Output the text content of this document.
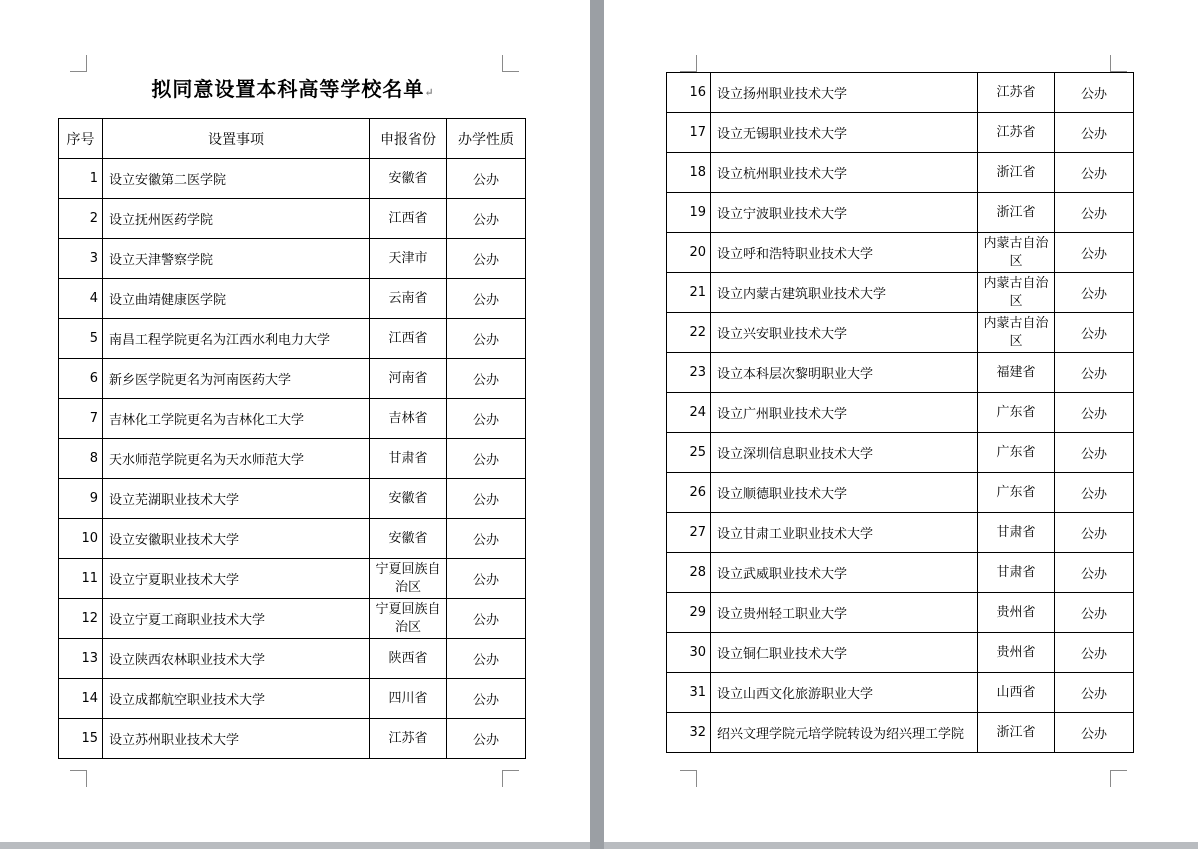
拟同意设置本科高等学校名单↵
序号	设置事项	申报省份	办学性质
1	设立安徽第二医学院	安徽省	公办
2	设立抚州医药学院	江西省	公办
3	设立天津警察学院	天津市	公办
4	设立曲靖健康医学院	云南省	公办
5	南昌工程学院更名为江西水利电力大学	江西省	公办
6	新乡医学院更名为河南医药大学	河南省	公办
7	吉林化工学院更名为吉林化工大学	吉林省	公办
8	天水师范学院更名为天水师范大学	甘肃省	公办
9	设立芜湖职业技术大学	安徽省	公办
10	设立安徽职业技术大学	安徽省	公办
11	设立宁夏职业技术大学	宁夏回族自治区	公办
12	设立宁夏工商职业技术大学	宁夏回族自治区	公办
13	设立陕西农林职业技术大学	陕西省	公办
14	设立成都航空职业技术大学	四川省	公办
15	设立苏州职业技术大学	江苏省	公办
16	设立扬州职业技术大学	江苏省	公办
17	设立无锡职业技术大学	江苏省	公办
18	设立杭州职业技术大学	浙江省	公办
19	设立宁波职业技术大学	浙江省	公办
20	设立呼和浩特职业技术大学	内蒙古自治区	公办
21	设立内蒙古建筑职业技术大学	内蒙古自治区	公办
22	设立兴安职业技术大学	内蒙古自治区	公办
23	设立本科层次黎明职业大学	福建省	公办
24	设立广州职业技术大学	广东省	公办
25	设立深圳信息职业技术大学	广东省	公办
26	设立顺德职业技术大学	广东省	公办
27	设立甘肃工业职业技术大学	甘肃省	公办
28	设立武威职业技术大学	甘肃省	公办
29	设立贵州轻工职业大学	贵州省	公办
30	设立铜仁职业技术大学	贵州省	公办
31	设立山西文化旅游职业大学	山西省	公办
32	绍兴文理学院元培学院转设为绍兴理工学院	浙江省	公办
